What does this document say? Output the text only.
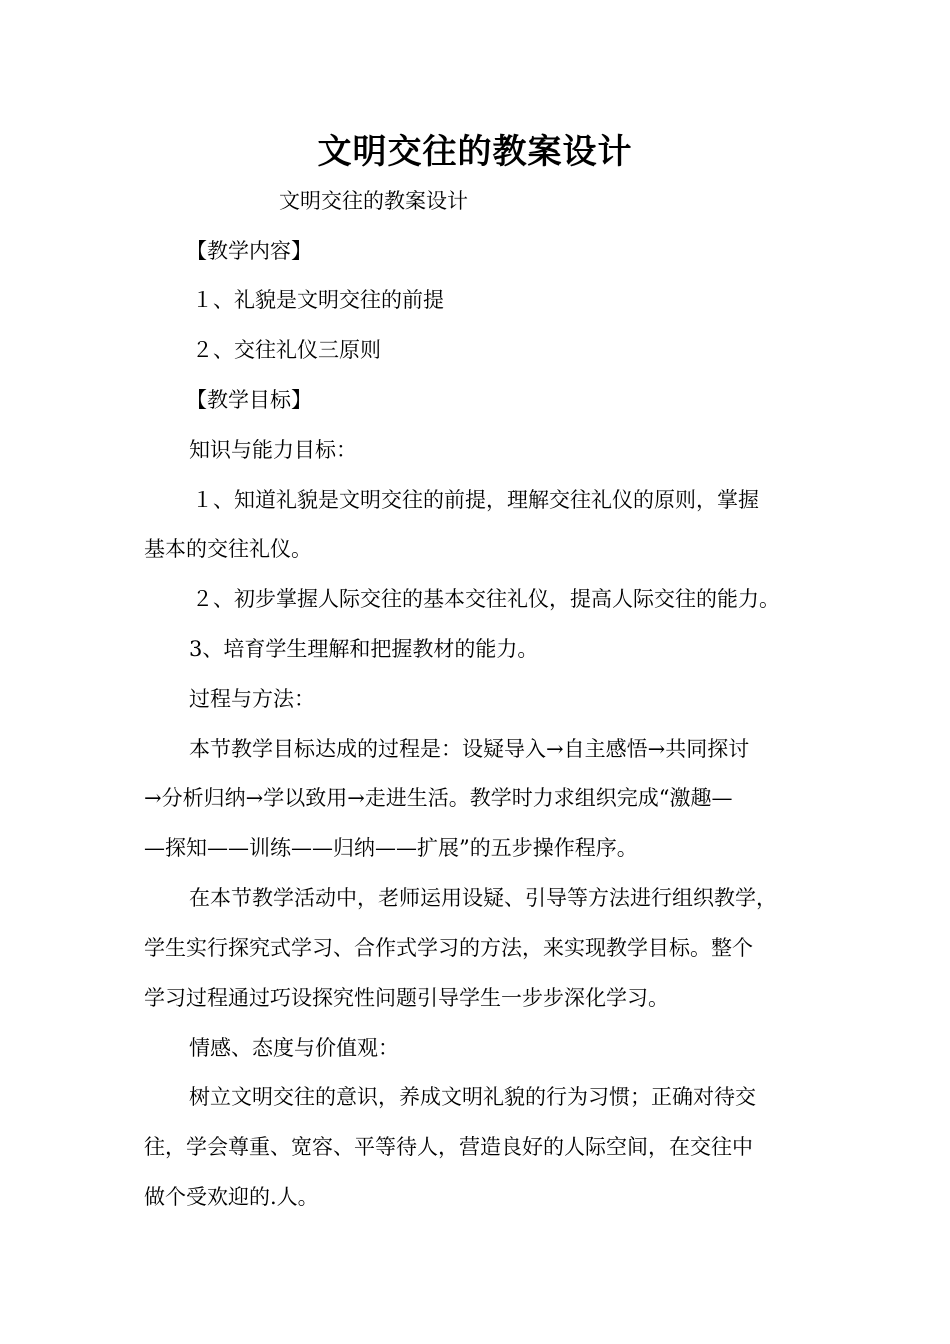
文明交往的教案设计
文明交往的教案设计
【教学内容】
１、礼貌是文明交往的前提
２、交往礼仪三原则
【教学目标】
知识与能力目标：
１、知道礼貌是文明交往的前提，理解交往礼仪的原则，掌握
基本的交往礼仪。
２、初步掌握人际交往的基本交往礼仪，提高人际交往的能力。
3、培育学生理解和把握教材的能力。
过程与方法：
本节教学目标达成的过程是：设疑导入→自主感悟→共同探讨
→分析归纳→学以致用→走进生活。教学时力求组织完成“激趣—
—探知——训练——归纳——扩展”的五步操作程序。
在本节教学活动中，老师运用设疑、引导等方法进行组织教学，
学生实行探究式学习、合作式学习的方法，来实现教学目标。整个
学习过程通过巧设探究性问题引导学生一步步深化学习。
情感、态度与价值观：
树立文明交往的意识，养成文明礼貌的行为习惯；正确对待交
往，学会尊重、宽容、平等待人，营造良好的人际空间，在交往中
做个受欢迎的.人。
